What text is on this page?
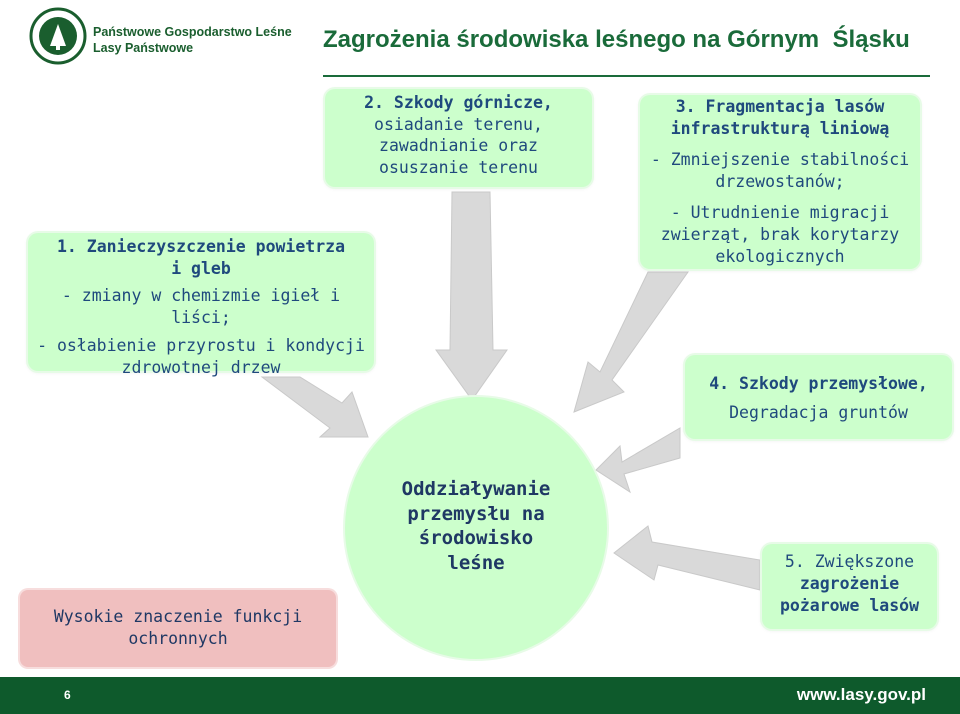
Państwowe Gospodarstwo Leśne
Lasy Państwowe	Zagrożenia środowiska leśnego na Górnym  Śląsku
1. Zanieczyszczenie powietrza
i gleb
- zmiany w chemizmie igieł i liści;
- osłabienie przyrostu i kondycji
zdrowotnej drzew
2. Szkody górnicze,
osiadanie terenu,
zawadnianie oraz
osuszanie terenu
3. Fragmentacja lasów
infrastrukturą liniową
- Zmniejszenie stabilności
drzewostanów;
- Utrudnienie migracji
zwierząt, brak korytarzy
ekologicznych
4. Szkody przemysłowe,
Degradacja gruntów
5. Zwiększone
zagrożenie
pożarowe lasów
Oddziaływanie
przemysłu na
środowisko
leśne
Wysokie znaczenie funkcji
ochronnych
6	www.lasy.gov.pl
